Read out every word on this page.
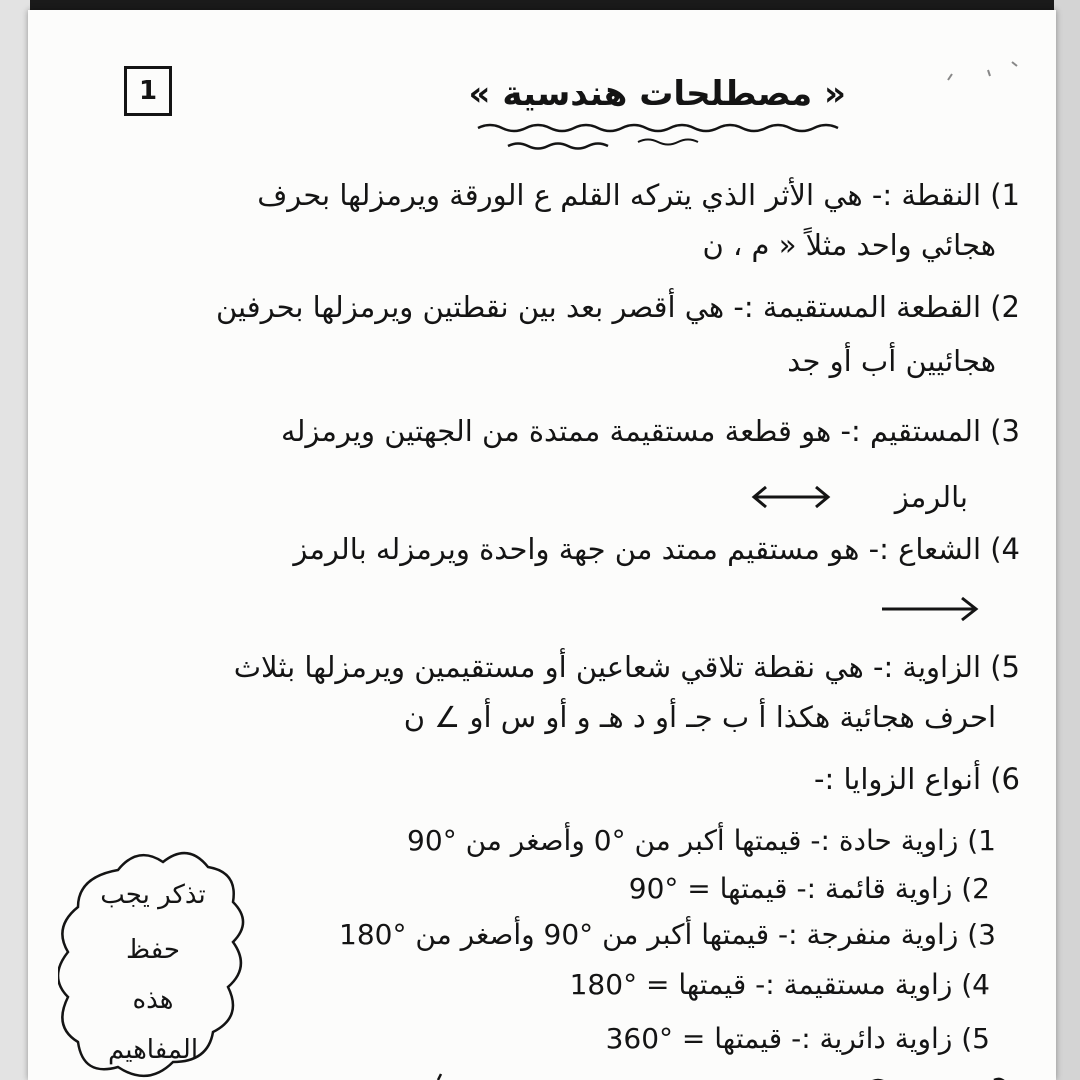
1	« مصطلحات هندسية »
1) النقطة :- هي الأثر الذي يتركه القلم ع الورقة ويرمزلها بحرف
هجائي واحد مثلاً « م ، ن
2) القطعة المستقيمة :- هي أقصر بعد بين نقطتين ويرمزلها بحرفين
هجائيين أب أو جد
3) المستقيم :- هو قطعة مستقيمة ممتدة من الجهتين ويرمزله
بالرمز
4) الشعاع :- هو مستقيم ممتد من جهة واحدة ويرمزله بالرمز
5) الزاوية :- هي نقطة تلاقي شعاعين أو مستقيمين ويرمزلها بثلاث
احرف هجائية هكذا أ ب جـ أو د هـ و أو س أو ∠ ن
6) أنواع الزوايا :-
1) زاوية حادة :- قيمتها أكبر من °0 وأصغر من °90
2) زاوية قائمة :- قيمتها = °90
3) زاوية منفرجة :- قيمتها أكبر من °90 وأصغر من °180
4) زاوية مستقيمة :- قيمتها = °180
5) زاوية دائرية :- قيمتها = °360
تذكر يجب
حفظ
هذه
المفاهيم
